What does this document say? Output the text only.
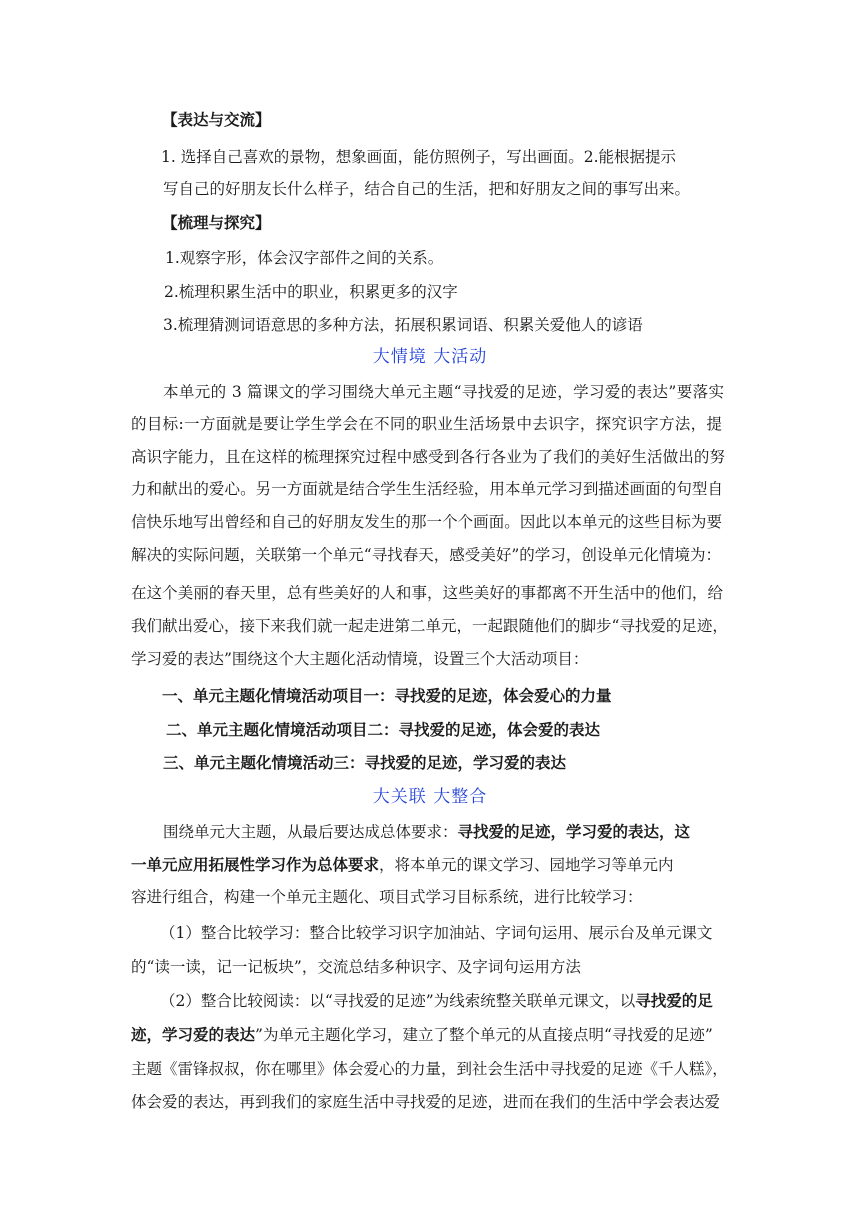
【表达与交流】
1. 选择自己喜欢的景物，想象画面，能仿照例子，写出画面。2.能根据提示
写自己的好朋友长什么样子，结合自己的生活，把和好朋友之间的事写出来。
【梳理与探究】
1.观察字形，体会汉字部件之间的关系。
2.梳理积累生活中的职业，积累更多的汉字
3.梳理猜测词语意思的多种方法，拓展积累词语、积累关爱他人的谚语
大情境 大活动
本单元的 3 篇课文的学习围绕大单元主题“寻找爱的足迹，学习爱的表达”要落实
的目标:一方面就是要让学生学会在不同的职业生活场景中去识字，探究识字方法，提
高识字能力，且在这样的梳理探究过程中感受到各行各业为了我们的美好生活做出的努
力和献出的爱心。另一方面就是结合学生生活经验，用本单元学习到描述画面的句型自
信快乐地写出曾经和自己的好朋友发生的那一个个画面。因此以本单元的这些目标为要
解决的实际问题，关联第一个单元“寻找春天，感受美好”的学习，创设单元化情境为：
在这个美丽的春天里，总有些美好的人和事，这些美好的事都离不开生活中的他们，给
我们献出爱心，接下来我们就一起走进第二单元，一起跟随他们的脚步“寻找爱的足迹，
学习爱的表达”围绕这个大主题化活动情境，设置三个大活动项目：
一、单元主题化情境活动项目一：寻找爱的足迹，体会爱心的力量
二、单元主题化情境活动项目二：寻找爱的足迹，体会爱的表达
三、单元主题化情境活动三：寻找爱的足迹，学习爱的表达
大关联 大整合
围绕单元大主题，从最后要达成总体要求：寻找爱的足迹，学习爱的表达，这
一单元应用拓展性学习作为总体要求，将本单元的课文学习、园地学习等单元内
容进行组合，构建一个单元主题化、项目式学习目标系统，进行比较学习：
（1）整合比较学习：整合比较学习识字加油站、字词句运用、展示台及单元课文
的“读一读，记一记板块”，交流总结多种识字、及字词句运用方法
（2）整合比较阅读：以“寻找爱的足迹”为线索统整关联单元课文，以寻找爱的足
迹，学习爱的表达”为单元主题化学习，建立了整个单元的从直接点明“寻找爱的足迹”
主题《雷锋叔叔，你在哪里》体会爱心的力量，到社会生活中寻找爱的足迹《千人糕》，
体会爱的表达，再到我们的家庭生活中寻找爱的足迹，进而在我们的生活中学会表达爱
